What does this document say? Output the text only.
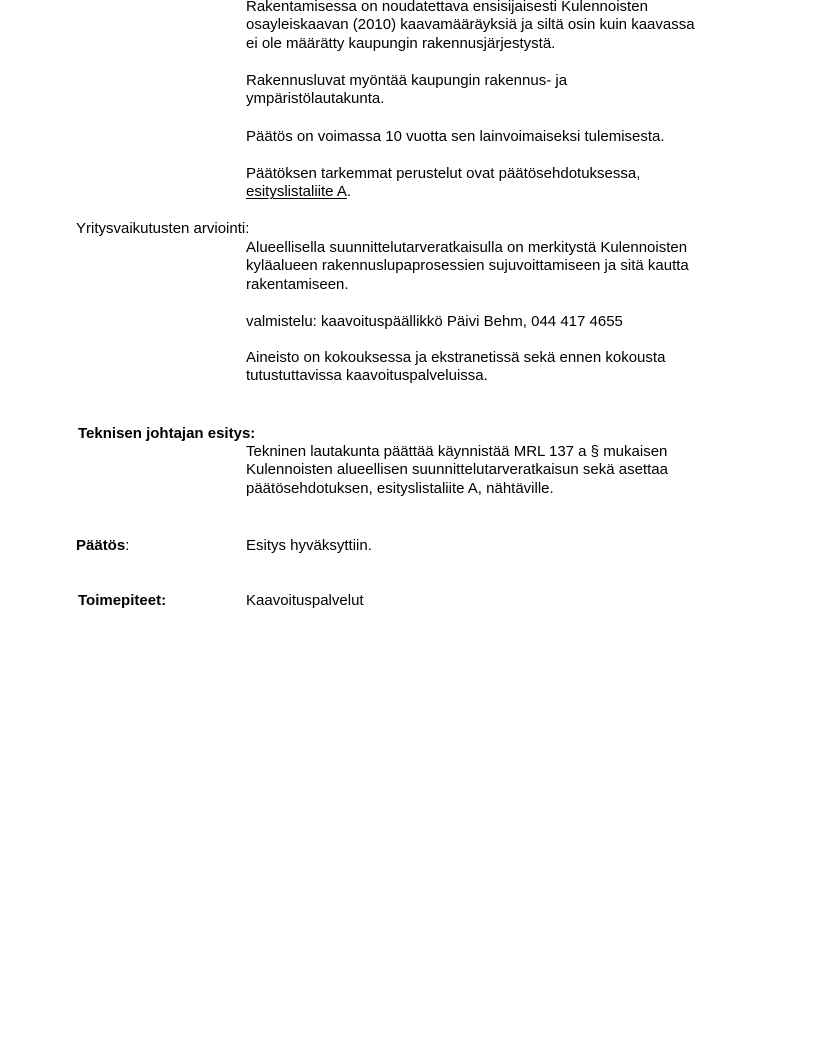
Rakentamisessa on noudatettava ensisijaisesti Kulennoisten
osayleiskaavan (2010) kaavamääräyksiä ja siltä osin kuin kaavassa
ei ole määrätty kaupungin rakennusjärjestystä.

Rakennusluvat myöntää kaupungin rakennus- ja
ympäristölautakunta.

Päätös on voimassa 10 vuotta sen lainvoimaiseksi tulemisesta.

Päätöksen tarkemmat perustelut ovat päätösehdotuksessa,
esityslistaliite A.

Yritysvaikutusten arviointi:

Alueellisella suunnittelutarveratkaisulla on merkitystä Kulennoisten
kyläalueen rakennuslupaprosessien sujuvoittamiseen ja sitä kautta
rakentamiseen.

valmistelu: kaavoituspäällikkö Päivi Behm, 044 417 4655

Aineisto on kokouksessa ja ekstranetissä sekä ennen kokousta
tutustuttavissa kaavoituspalveluissa.

Teknisen johtajan esitys:

Tekninen lautakunta päättää käynnistää MRL 137 a § mukaisen
Kulennoisten alueellisen suunnittelutarveratkaisun sekä asettaa
päätösehdotuksen, esityslistaliite A, nähtäville.

Päätös:	Esitys hyväksyttiin.

Toimepiteet:	Kaavoituspalvelut
